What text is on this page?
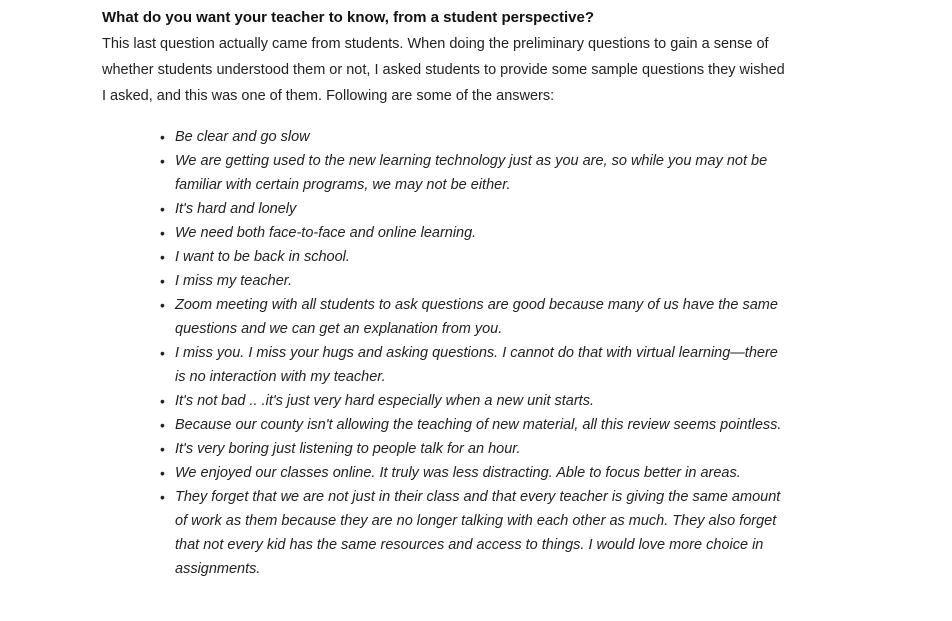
What do you want your teacher to know, from a student perspective?

This last question actually came from students. When doing the preliminary questions to gain a sense of whether students understood them or not, I asked students to provide some sample questions they wished I asked, and this was one of them. Following are some of the answers:

• Be clear and go slow
• We are getting used to the new learning technology just as you are, so while you may not be familiar with certain programs, we may not be either.
• It's hard and lonely
• We need both face-to-face and online learning.
• I want to be back in school.
• I miss my teacher.
• Zoom meeting with all students to ask questions are good because many of us have the same questions and we can get an explanation from you.
• I miss you. I miss your hugs and asking questions. I cannot do that with virtual learning—there is no interaction with my teacher.
• It's not bad .. .it's just very hard especially when a new unit starts.
• Because our county isn't allowing the teaching of new material, all this review seems pointless.
• It's very boring just listening to people talk for an hour.
• We enjoyed our classes online. It truly was less distracting. Able to focus better in areas.
• They forget that we are not just in their class and that every teacher is giving the same amount of work as them because they are no longer talking with each other as much. They also forget that not every kid has the same resources and access to things. I would love more choice in assignments.
